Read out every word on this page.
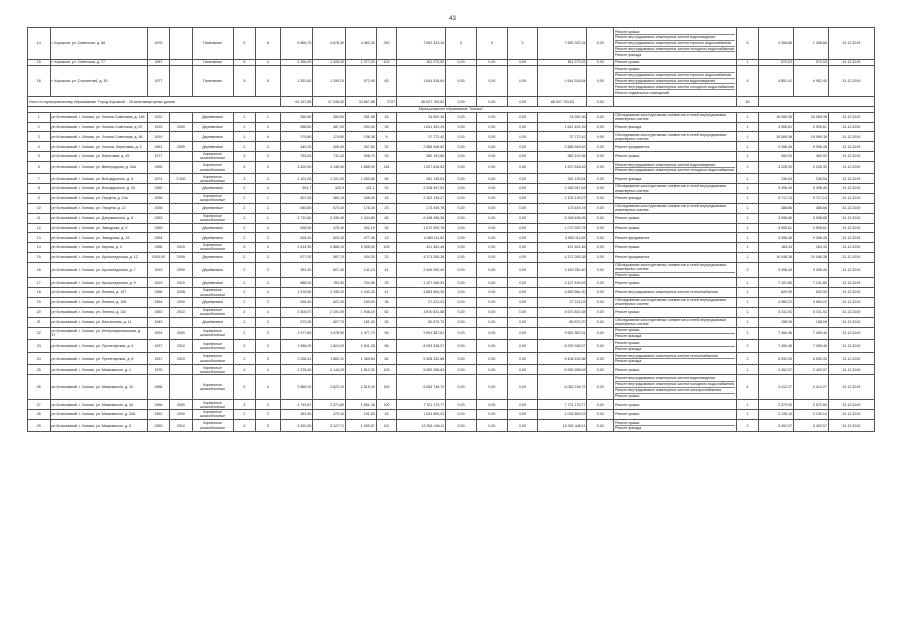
43
14	г. Корсаков, ул. Советская, д. 68	1975		Панельные	5	6	5 865,70	4 678,30	4 462,30	240	7 552 323,34	0	0	0	7 552 323,34	0,00	Ремонт крыши
Ремонт внутридомовых инженерных систем водоотведения
Ремонт внутридомовых инженерных систем горячего водоснабжения
Ремонт внутридомовых инженерных систем холодного водоснабжения
Ремонт фасада	5	1 308,68	1 308,68	31.12.2019
15	г. Корсаков, ул. Советская, д. 77	1987		Панельные	5	4	2 366,00	1 428,40	1 377,00	102	811 270,92	0,00	0,00	0,00	811 270,92	0,00	Ремонт крыши	1	570,03	570,03	31.12.2019
16	г. Корсаков, ул. Строителей, д. 30	1977		Панельные	5	5	1 351,60	1 159,20	972,95	63	1 644 318,64	0,00	0,00	0,00	1 644 318,64	0,00	Ремонт крыши
Ремонт внутридомовых инженерных систем горячего водоснабжения
Ремонт внутридомовых инженерных систем водоотведения
Ремонт внутридомовых инженерных систем холодного водоснабжения
Ремонт подвальных помещений	5	4 851,41	4 952,40	31.12.2019
Итого по муниципальному образованию "Город Корсаков" - 16 многоквартирных домов							63 167,85	47 248,30	33 867,86	2727	86 007 763,62	0,00	0,00	0,00	86 007 763,62	0,00		49			
Муниципальное образование "Холмск"																					
1	рп Котиковский, г. Холмск, ул. Холмск Советская, д. 146	1910		Деревянные	2	1	350,80	350,80	351,96	15	24 992,36	0,00	0,00	0,00	24 992,36	0,00	Обследование конструктивных элементов и сетей внутридомовых инженерных систем	1	15 089,38	15 089,38	31.12.2019
2	рп Котиковский, г. Холмск, ул. Холмск Советская, д. 87	1915	2009	Деревянные	2	2	558,60	487,20	294,40	39	1 641 491,25	0,00	0,00	0,00	1 641 491,25	0,00	Ремонт фасада	1	3 905,61	3 905,61	31.12.2019
3	рп Котиковский, г. Холмск, ул. Холмск Советская, д. 56	1919		Деревянные	1	4	174,80	174,80	108,38	9	27 772,42	0,00	0,00	0,00	27 772,42	0,00	Обследование конструктивных элементов и сетей внутридомовых инженерных систем	1	15 089,38	15 089,38	31.12.2019
4	рп Котиковский, г. Холмск, ул. Холмск, Береговая, д. 3	1961	2009	Деревянные	2	2	442,00	408,40	267,60	20	2 585 946,62	0,00	0,00	0,00	2 585 946,62	0,00	Ремонт фундамента	1	9 396,45	9 396,45	31.12.2019
5	рп Котиковский, г. Холмск, ул. Береговая, д. 49	1977		Кирпичные шлакоблочные	3	3	753,00	711,40	598,70	33	380 191,66	0,00	0,00	0,00	380 191,66	0,00	Ремонт крыши	1	450,93	450,93	31.12.2019
6	рп Котиковский, г. Холмск, ул. Виноградная, д. 34А	1965		Кирпичные шлакоблочные	4	3	3 420,00	2 148,40	1 885,00	118	1 537 816,63	0,00	0,00	0,00	1 537 816,63	0,00	Ремонт внутридомовых инженерных систем водоотведения
Ремонт внутридомовых инженерных систем холодного водоснабжения	2	3 226,30	3 226,30	31.12.2019
7	рп Котиковский, г. Холмск, ул. Володарского, д. 5	1974	2 000	Кирпичные шлакоблочные	3	2	1 191,00	1 101,90	1 083,80	56	281 139,64	0,00	0,00	0,00	281 139,64	0,00	Ремонт фасада	1	236,54	236,54	31.12.2019
8	рп Котиковский, г. Холмск, ул. Володарского, д. 43	1960		Деревянные	2	2	591,7	520,9	421,1	22	2 348 947,63	0,00	0,00	0,00	2 348 947,63	0,00	Обследование конструктивных элементов и сетей внутридомовых инженерных систем	1	9 396,45	9 396,45	31.12.2019
9	рп Котиковский, г. Холмск, ул. Герцена, д. 10а	1936		Кирпичные шлакоблочные	2	1	407,00	360,10	346,30	16	2 102 139,27	0,00	0,00	0,00	2 102 139,27	0,00	Ремонт фасада	1	5 717,13	5 717,13	31.12.2019
10	рп Котиковский, г. Холмск, ул. Герцена, д. 12	1936		Деревянные	2	2	645,80	573,30	178,30	23	173 449,78	0,00	0,00	0,00	173 449,78	0,00	Обследование конструктивных элементов и сетей внутридомовых инженерных систем	1	388,66	388,66	31.12.2019
11	рп Котиковский, г. Холмск, ул. Дзержинского, д. 6	1953		Кирпичные шлакоблочные	2	1	2 712,60	2 439,40	1 044,80	65	6 348 496,36	0,00	0,00	0,00	6 348 496,36	0,00	Ремонт крыши	1	3 098,85	3 098,85	31.12.2019
12	рп Котиковский, г. Холмск, ул. Заводская, д. 9	1959		Деревянные	2	2	528,50	478,40	402,19	24	1 072 920,78	0,00	0,00	0,00	1 072 920,78	0,00	Ремонт крыши	1	3 905,61	3 905,61	31.12.2019
13	рп Котиковский, г. Холмск, ул. Заводская, д. 15	1954		Деревянные	2	2	528,40	523,30	477,46	19	4 963 111,82	0,00	0,00	0,00	4 963 111,82	0,00	Ремонт фундамента	1	9 396,45	9 396,45	31.12.2019
14	рп Котиковский, г. Холмск, ул. Кирова, д. 4	1968	2015	Кирпичные шлакоблочные	5	4	2 614,90	2 668,10	2 055,00	109	421 461,46	0,00	0,00	0,00	421 461,46	0,00	Ремонт крыши	1	163,43	163,43	31.12.2019
15	рп Котиковский, г. Холмск, ул. Кронштадтская, д. 12	1943,00	2009	Деревянные	2	2	677,00	587,70	434,30	23	4 371 265,38	0,00	0,00	0,00	4 371 265,38	0,00	Ремонт фундамента	1	10 046,38	10 046,38	31.12.2019
16	рп Котиковский, г. Холмск, ул. Кронштадтская, д. 7	1919	2009	Деревянные	2	2	351,40	607,30	141,10	41	2 449 250,40	0,00	0,00	0,00	2 449 250,40	0,00	Обследование конструктивных элементов и сетей внутридомовых инженерных систем
Ремонт крыши	2	9 396,45	9 396,45	31.12.2019
17	рп Котиковский, г. Холмск, ул. Кронштадтская, д. 9	1919	2010	Деревянные	2	2	888,00	783,50	704,96	25	3 127 490,93	0,00	0,00	0,00	3 127 490,93	0,00	Ремонт крыши	1	7 101,80	7 101,80	31.12.2019
18	рп Котиковский, г. Холмск, ул. Ленина, д. 107	1958	2008	Кирпичные шлакоблочные	2	2	1 478,50	1 196,20	1 040,43	41	4 663 564,30	0,00	0,00	0,00	4 663 564,30	0,00	Ремонт внутридомовых инженерных систем теплоснабжения	1	620,99	620,99	31.12.2019
19	рп Котиковский, г. Холмск, ул. Ленина, д. 108	1964	2009	Деревянные	2	2	536,40	522,30	150,00	36	27 221,03	0,00	0,00	0,00	27 221,03	0,00	Обследование конструктивных элементов и сетей внутридомовых инженерных систем	1	4 960,22	4 960,22	31.12.2019
20	рп Котиковский, г. Холмск, ул. Ленина, д. 110	1953	2010	Кирпичные шлакоблочные	4	4	3 405,07	2 191,05	1 948,19	62	4 670 831,58	0,00	0,00	0,00	4 670 831,58	0,00	Ремонт крыши	1	6 311,92	6 311,92	31.12.2019
21	рп Котиковский, г. Холмск, ул. Бастионная, д. 11	1949		Деревянные	2	2	572,00	507,70	181,40	24	80 570,70	0,00	0,00	0,00	80 570,70	0,00	Обследование конструктивных элементов и сетей внутридомовых инженерных систем	1	158,09	158,09	31.12.2019
22	рп Котиковский, г. Холмск, ул. Интернациональная, д. 47	1924	2009	Кирпичные шлакоблочные	2	2	1 977,80	1 978,50	1 477,70	59	9 951 387,51	0,00	0,00	0,00	9 951 387,51	0,00	Ремонт крыши
Ремонт фасада	2	7 459,46	7 459,46	31.12.2019
23	рп Котиковский, г. Холмск, ул. Пролетарская, д. 4	1937	2010	Кирпичные шлакоблочные	2	2	1 988,00	1 824,00	1 541,35	58	8 293 336,07	0,00	0,00	0,00	8 293 336,07	0,00	Ремонт крыши
Ремонт фасада	2	7 459,46	7 459,46	31.12.2019
24	рп Котиковский, г. Холмск, ул. Пролетарская, д. 8	1937	2010	Кирпичные шлакоблочные	2	3	2 026,41	1 860,31	1 469,64	64	9 408 432,66	0,00	0,00	0,00	9 408 432,66	0,00	Ремонт внутридомовых инженерных систем теплоснабжения
Ремонт фасада	2	6 090,33	6 090,33	31.12.2019
25	рп Котиковский, г. Холмск, ул. Маяковского, д. 1	1978		Кирпичные шлакоблочные	4	4	2 376,40	2 144,20	1 512,31	109	5 950 258,63	0,00	0,00	0,00	5 950 258,63	0,00	Ремонт крыши	1	2 402,07	2 402,07	31.12.2019
26	рп Котиковский, г. Холмск, ул. Маяковского, д. 10	1968		Кирпичные шлакоблочные	5	4	2 869,02	2 623,10	2 615,30	100	6 063 748,72	0,00	0,00	0,00	6 063 748,72	0,00	Ремонт внутридомовых инженерных систем водоотведения
Ремонт внутридомовых инженерных систем холодного водоснабжения
Ремонт внутридомовых инженерных систем электроснабжения
Ремонт крыши	4	3 412,27	3 412,27	31.12.2019
27	рп Котиковский, г. Холмск, ул. Маяковского, д. 34	1966	2009	Кирпичные шлакоблочные	4	4	2 740,87	2 571,80	1 851,36	100	7 721 170,77	0,00	0,00	0,00	7 721 170,77	0,00	Ремонт крыши	1	2 570,00	2 570,00	31.12.2019
28	рп Котиковский, г. Холмск, ул. Маяковского, д. 33А	1962	2009	Кирпичные шлакоблочные	2	2	361,40	479,10	191,63	16	1 034 850,03	0,00	0,00	0,00	1 034 850,03	0,00	Ремонт крыши	1	2 139,10	2 139,10	31.12.2019
29	рп Котиковский, г. Холмск, ул. Маяковского, д. 9	1959	2010	Кирпичные шлакоблочные	4	3	3 492,40	3 127,71	1 099,57	110	10 301 446,11	0,00	0,00	0,00	10 301 446,11	0,00	Ремонт крыши
Ремонт фасада	2	3 402,07	3 402,07	31.12.2019
